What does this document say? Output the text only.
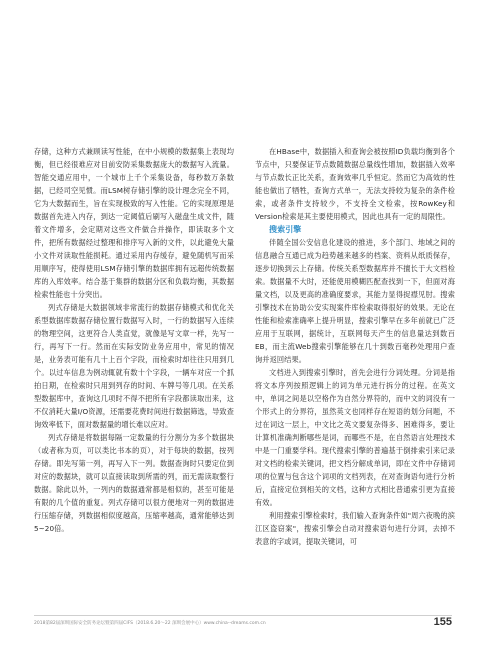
存储，这种方式兼顾读写性能，在中小规模的数据集上表现均衡，但已经很难应对目前安防采集数据庞大的数据写入流量。智能交通应用中，一个城市上千个采集设备，每秒数万条数据，已经司空见惯。而LSM树存储引擎的设计理念完全不同，它为大数据而生，旨在实现极致的写入性能。它的实现原理是数据首先进入内存，到达一定阈值后刷写入磁盘生成文件，随着文件增多，会定期对这些文件做合并操作，即读取多个文件，把所有数据经过整理和排序写入新的文件，以此避免大量小文件对读取性能损耗。通过采用内存缓存，避免随机写而采用顺序写，使得使用LSM存储引擎的数据库拥有远超传统数据库的入库效率。结合基于集群的数据分区和负载均衡，其数据检索性能也十分突出。

列式存储是大数据领域非常流行的数据存储模式和优化关系型数据库数据存储位置行数据写入时，一行的数据写入连续的物理空间，这更符合人类直觉，就像是写文章一样，先写一行，再写下一行。然而在实际安防业务应用中，常见的情况是，业务表可能有几十上百个字段，而检索时却往往只用到几个。以过车信息为例动辄就有数十个字段，一辆车对应一个抓拍日期，在检索时只用到列存的时间、车牌号等几项。在关系型数据库中，查询这几项时不得不把所有字段都读取出来，这不仅消耗大量I/O资源，还需要花费时间进行数据筛选，导致查询效率低下，面对数据量的增长难以应对。

列式存储是将数据每隔一定数量的行分割分为多个数据块（或者称为页，可以类比书本的页），对于每块的数据，按列存储。即先写第一列，再写入下一列。数据查询时只要定位到对应的数据块，就可以直接读取到所需的列，而无需读取整行数据。除此以外，一列内的数据通常都是相似的，甚至可能是有限的几个值的重复。列式存储可以很方便地对一列的数据进行压缩存储，列数据相似度越高，压缩率越高，通常能够达到5~20倍。

在HBase中，数据插入和查询会被按照ID负载均衡到各个节点中，只要保证节点数随数据总量线性增加，数据插入效率与节点数长正比关系，查询效率几乎恒定。然而它为高效的性能也做出了牺牲，查询方式单一，无法支持较为复杂的条件检索，或者条件支持较少，不支持全文检索，按RowKey和Version检索是其主要使用模式，因此也具有一定的局限性。

搜索引擎

伴随全国公安信息化建设的推进，多个部门、地域之间的信息融合互通已成为趋势越来越多的档案、资料从纸质保存，逐步切换到云上存储。传统关系型数据库并不擅长于大文档检索。数据量不大时，还能使用模糊匹配查找到一下，但面对海量文档，以及更高的准确度要求，其能力显得捉襟见肘。搜索引擎技术在协助公安实现案件库检索取得很好的效果。无论在性能和检索准确率上提升明显，搜索引擎早在多年前就已广泛应用于互联网，据统计，互联网每天产生的信息量达到数百EB，而主流Web搜索引擎能够在几十到数百毫秒处理用户查询并返回结果。

文档进入到搜索引擎时，首先会进行分词处理。分词是指将文本序列按照逻辑上的词为单元进行拆分的过程。在英文中，单词之间是以空格作为自然分界符的，而中文的词没有一个形式上的分界符，虽然英文也同样存在短语的划分问题，不过在词这一层上，中文比之英文要复杂得多、困难得多，要让计算机准确判断哪些是词，而哪些不是，在自然语言处理技术中是一门重要学科。现代搜索引擎的普遍基于倒排索引来记录对文档的检索关键词，把文档分解成单词，即在文件中存储词项的位置与包含这个词项的文档列表，在对查询语句进行分析后，直接定位到相关的文档，这种方式相比普通索引更为直接有效。

利用搜索引擎检索时，我们输入查询条件如"周六夜晚的滨江区盗窃案"，搜索引擎会自动对搜索语句进行分词，去掉不表意的字或词，提取关键词，可

2018第82届深圳国际安全防务论坛暨第四届CIFS（2018.6.20～22 深圳会展中心）www.china--dreams.com.cn	155
